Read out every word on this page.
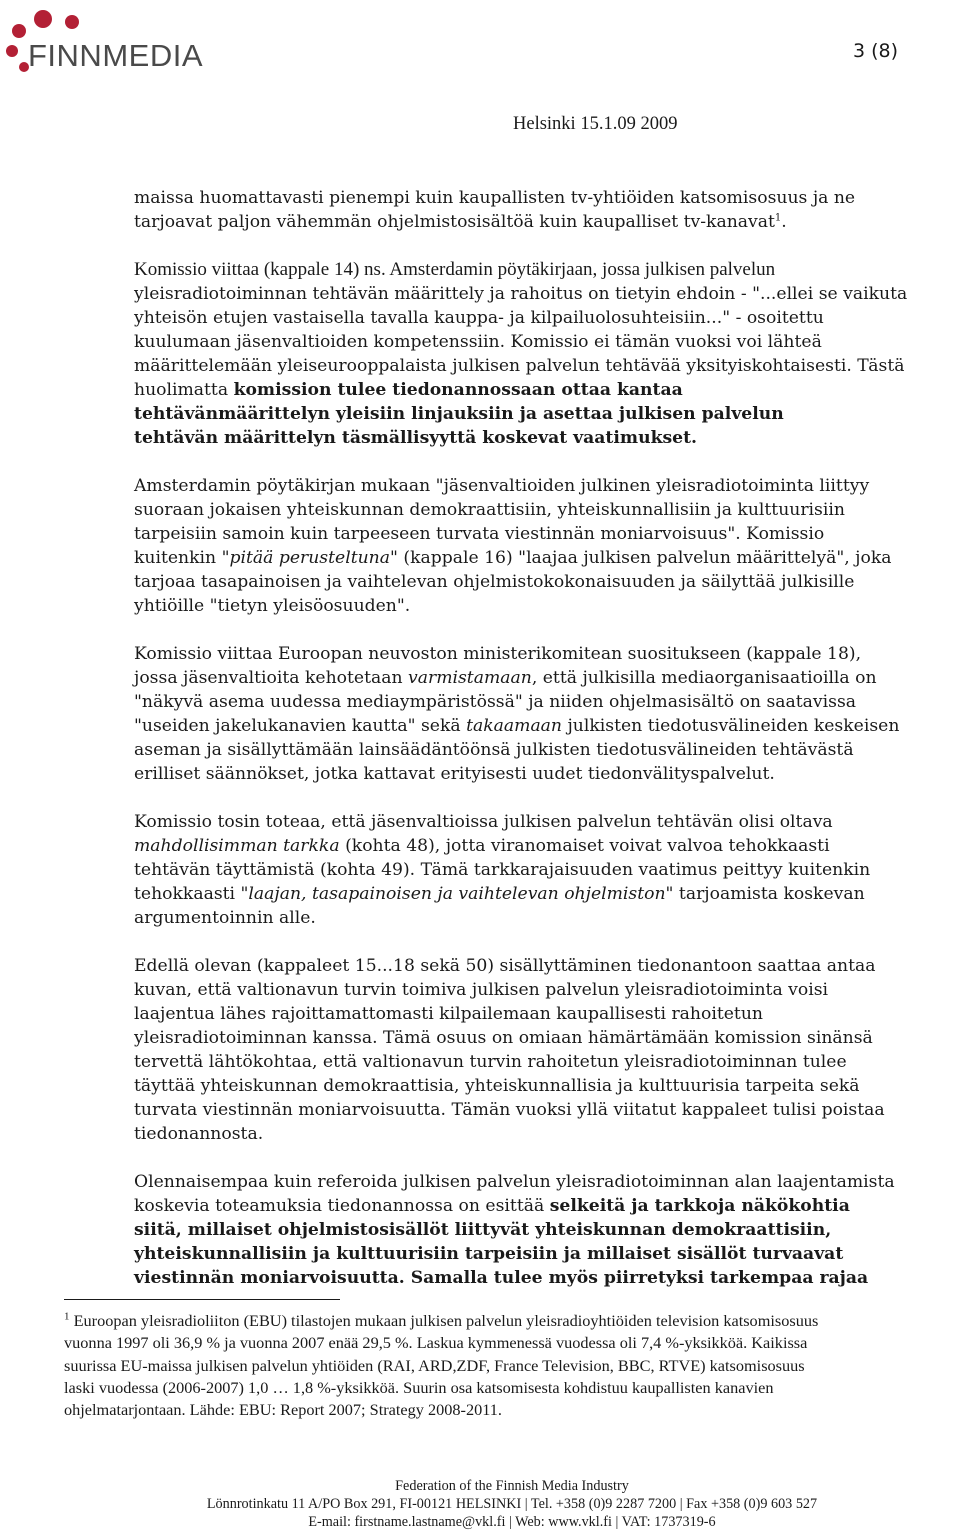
FINNMEDIA	3 (8)
Helsinki 15.1.09 2009
maissa huomattavasti pienempi kuin kaupallisten tv-yhtiöiden katsomisosuus ja ne
tarjoavat paljon vähemmän ohjelmistosisältöä kuin kaupalliset tv-kanavat$^1$.
Komissio viittaa (kappale 14) ns. Amsterdamin pöytäkirjaan, jossa julkisen palvelun
yleisradiotoiminnan tehtävän määrittely ja rahoitus on tietyin ehdoin - "...ellei se vaikuta
yhteisön etujen vastaisella tavalla kauppa- ja kilpailuolosuhteisiin..." - osoitettu
kuulumaan jäsenvaltioiden kompetenssiin. Komissio ei tämän vuoksi voi lähteä
määrittelemään yleiseurooppalaista julkisen palvelun tehtävää yksityiskohtaisesti. Tästä
huolimatta komission tulee tiedonannossaan ottaa kantaa
tehtävänmäärittelyn yleisiin linjauksiin ja asettaa julkisen palvelun
tehtävän määrittelyn täsmällisyyttä koskevat vaatimukset.
Amsterdamin pöytäkirjan mukaan "jäsenvaltioiden julkinen yleisradiotoiminta liittyy
suoraan jokaisen yhteiskunnan demokraattisiin, yhteiskunnallisiin ja kulttuurisiin
tarpeisiin samoin kuin tarpeeseen turvata viestinnän moniarvoisuus". Komissio
kuitenkin "pitää perusteltuna" (kappale 16) "laajaa julkisen palvelun määrittelyä", joka
tarjoaa tasapainoisen ja vaihtelevan ohjelmistokokonaisuuden ja säilyttää julkisille
yhtiöille "tietyn yleisöosuuden".
Komissio viittaa Euroopan neuvoston ministerikomitean suositukseen (kappale 18),
jossa jäsenvaltioita kehotetaan varmistamaan, että julkisilla mediaorganisaatioilla on
"näkyvä asema uudessa mediaympäristössä" ja niiden ohjelmasisältö on saatavissa
"useiden jakelukanavien kautta" sekä takaamaan julkisten tiedotusvälineiden keskeisen
aseman ja sisällyttämään lainsäädäntöönsä julkisten tiedotusvälineiden tehtävästä
erilliset säännökset, jotka kattavat erityisesti uudet tiedonvälityspalvelut.
Komissio tosin toteaa, että jäsenvaltioissa julkisen palvelun tehtävän olisi oltava
mahdollisimman tarkka (kohta 48), jotta viranomaiset voivat valvoa tehokkaasti
tehtävän täyttämistä (kohta 49). Tämä tarkkarajaisuuden vaatimus peittyy kuitenkin
tehokkaasti "laajan, tasapainoisen ja vaihtelevan ohjelmiston" tarjoamista koskevan
argumentoinnin alle.
Edellä olevan (kappaleet 15...18 sekä 50) sisällyttäminen tiedonantoon saattaa antaa
kuvan, että valtionavun turvin toimiva julkisen palvelun yleisradiotoiminta voisi
laajentua lähes rajoittamattomasti kilpailemaan kaupallisesti rahoitetun
yleisradiotoiminnan kanssa. Tämä osuus on omiaan hämärtämään komission sinänsä
tervettä lähtökohtaa, että valtionavun turvin rahoitetun yleisradiotoiminnan tulee
täyttää yhteiskunnan demokraattisia, yhteiskunnallisia ja kulttuurisia tarpeita sekä
turvata viestinnän moniarvoisuutta. Tämän vuoksi yllä viitatut kappaleet tulisi poistaa
tiedonannosta.
Olennaisempaa kuin referoida julkisen palvelun yleisradiotoiminnan alan laajentamista
koskevia toteamuksia tiedonannossa on esittää selkeitä ja tarkkoja näkökohtia
siitä, millaiset ohjelmistosisällöt liittyvät yhteiskunnan demokraattisiin,
yhteiskunnallisiin ja kulttuurisiin tarpeisiin ja millaiset sisällöt turvaavat
viestinnän moniarvoisuutta. Samalla tulee myös piirretyksi tarkempaa rajaa
$^1$ Euroopan yleisradioliiton (EBU) tilastojen mukaan julkisen palvelun yleisradioyhtiöiden television katsomisosuus
vuonna 1997 oli 36,9 % ja vuonna 2007 enää 29,5 %. Laskua kymmenessä vuodessa oli 7,4 %-yksikköä. Kaikissa
suurissa EU-maissa julkisen palvelun yhtiöiden (RAI, ARD,ZDF, France Television, BBC, RTVE) katsomisosuus
laski vuodessa (2006-2007) 1,0 … 1,8 %-yksikköä. Suurin osa katsomisesta kohdistuu kaupallisten kanavien
ohjelmatarjontaan. Lähde: EBU: Report 2007; Strategy 2008-2011.
Federation of the Finnish Media Industry
Lönnrotinkatu 11 A/PO Box 291, FI-00121 HELSINKI | Tel. +358 (0)9 2287 7200 | Fax +358 (0)9 603 527
E-mail: firstname.lastname@vkl.fi | Web: www.vkl.fi | VAT: 1737319-6
